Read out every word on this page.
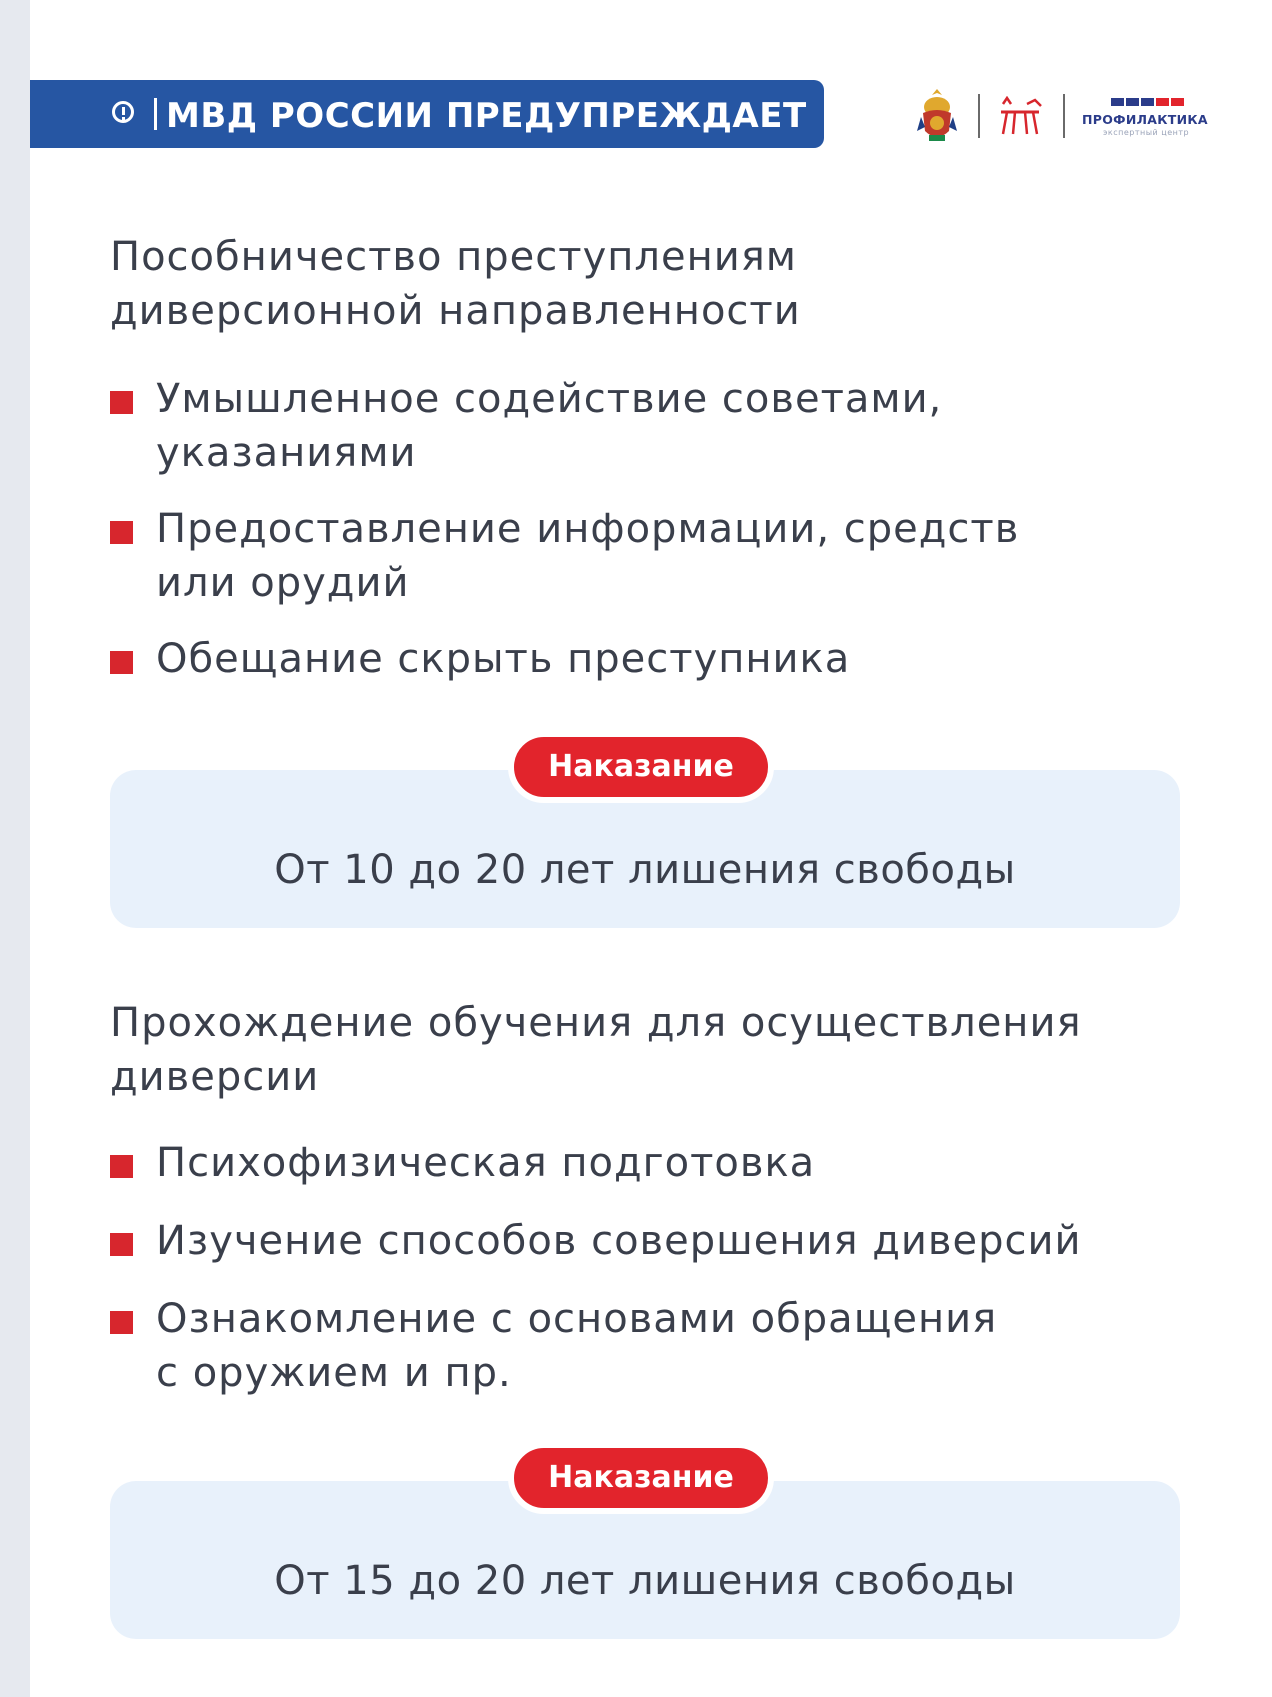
МВД РОССИИ ПРЕДУПРЕЖДАЕТ	ПРОФИЛАКТИКА
экспертный центр
Пособничество преступлениям
диверсионной направленности
Умышленное содействие советами,
указаниями
Предоставление информации, средств
или орудий
Обещание скрыть преступника
От 10 до 20 лет лишения свободы
Наказание
Прохождение обучения для осуществления
диверсии
Психофизическая подготовка
Изучение способов совершения диверсий
Ознакомление с основами обращения
с оружием и пр.
От 15 до 20 лет лишения свободы
Наказание
